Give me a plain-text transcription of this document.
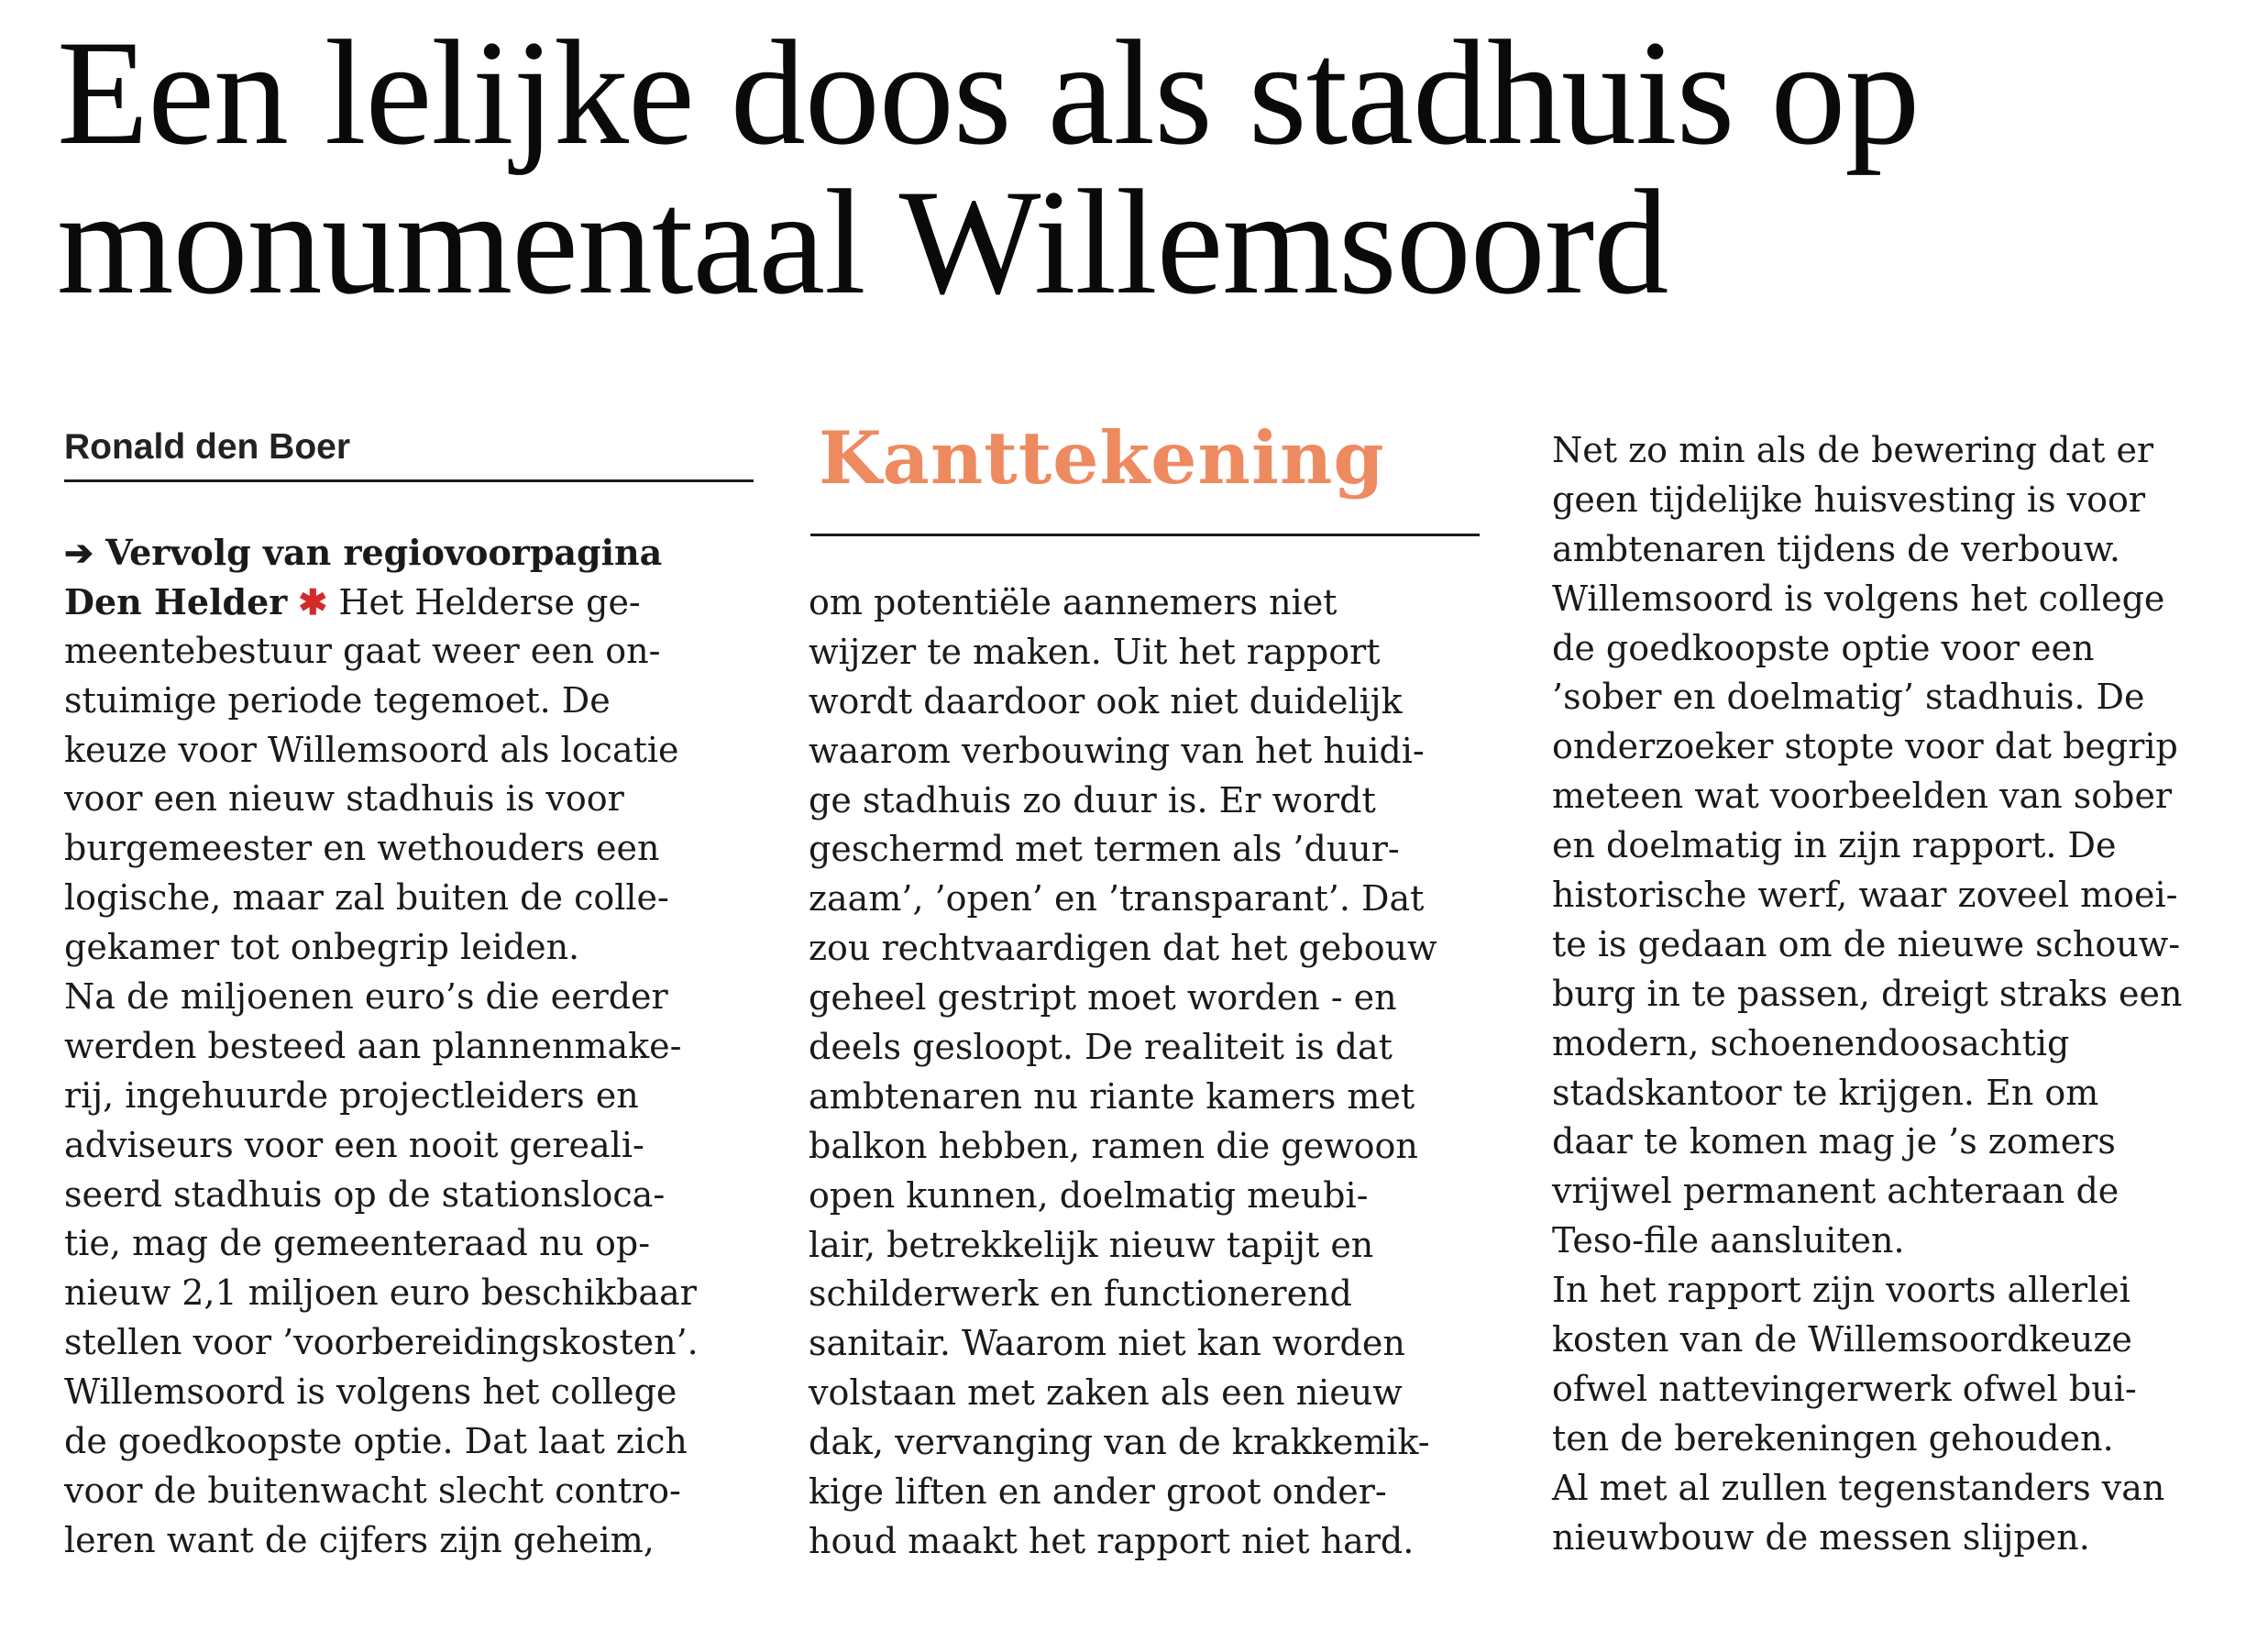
Een lelijke doos als stadhuis op
monumentaal Willemsoord
Ronald den Boer	Kanttekening
➔ Vervolg van regiovoorpagina
Den Helder ✱ Het Helderse ge-
meentebestuur gaat weer een on-
stuimige periode tegemoet. De
keuze voor Willemsoord als locatie
voor een nieuw stadhuis is voor
burgemeester en wethouders een
logische, maar zal buiten de colle-
gekamer tot onbegrip leiden.
Na de miljoenen euro’s die eerder
werden besteed aan plannenmake-
rij, ingehuurde projectleiders en
adviseurs voor een nooit gereali-
seerd stadhuis op de stationsloca-
tie, mag de gemeenteraad nu op-
nieuw 2,1 miljoen euro beschikbaar
stellen voor ’voorbereidingskosten’.
Willemsoord is volgens het college
de goedkoopste optie. Dat laat zich
voor de buitenwacht slecht contro-
leren want de cijfers zijn geheim,
om potentiële aannemers niet
wijzer te maken. Uit het rapport
wordt daardoor ook niet duidelijk
waarom verbouwing van het huidi-
ge stadhuis zo duur is. Er wordt
geschermd met termen als ’duur-
zaam’, ’open’ en ’transparant’. Dat
zou rechtvaardigen dat het gebouw
geheel gestript moet worden - en
deels gesloopt. De realiteit is dat
ambtenaren nu riante kamers met
balkon hebben, ramen die gewoon
open kunnen, doelmatig meubi-
lair, betrekkelijk nieuw tapijt en
schilderwerk en functionerend
sanitair. Waarom niet kan worden
volstaan met zaken als een nieuw
dak, vervanging van de krakkemik-
kige liften en ander groot onder-
houd maakt het rapport niet hard.
Net zo min als de bewering dat er
geen tijdelijke huisvesting is voor
ambtenaren tijdens de verbouw.
Willemsoord is volgens het college
de goedkoopste optie voor een
’sober en doelmatig’ stadhuis. De
onderzoeker stopte voor dat begrip
meteen wat voorbeelden van sober
en doelmatig in zijn rapport. De
historische werf, waar zoveel moei-
te is gedaan om de nieuwe schouw-
burg in te passen, dreigt straks een
modern, schoenendoosachtig
stadskantoor te krijgen. En om
daar te komen mag je ’s zomers
vrijwel permanent achteraan de
Teso-file aansluiten.
In het rapport zijn voorts allerlei
kosten van de Willemsoordkeuze
ofwel nattevingerwerk ofwel bui-
ten de berekeningen gehouden.
Al met al zullen tegenstanders van
nieuwbouw de messen slijpen.
